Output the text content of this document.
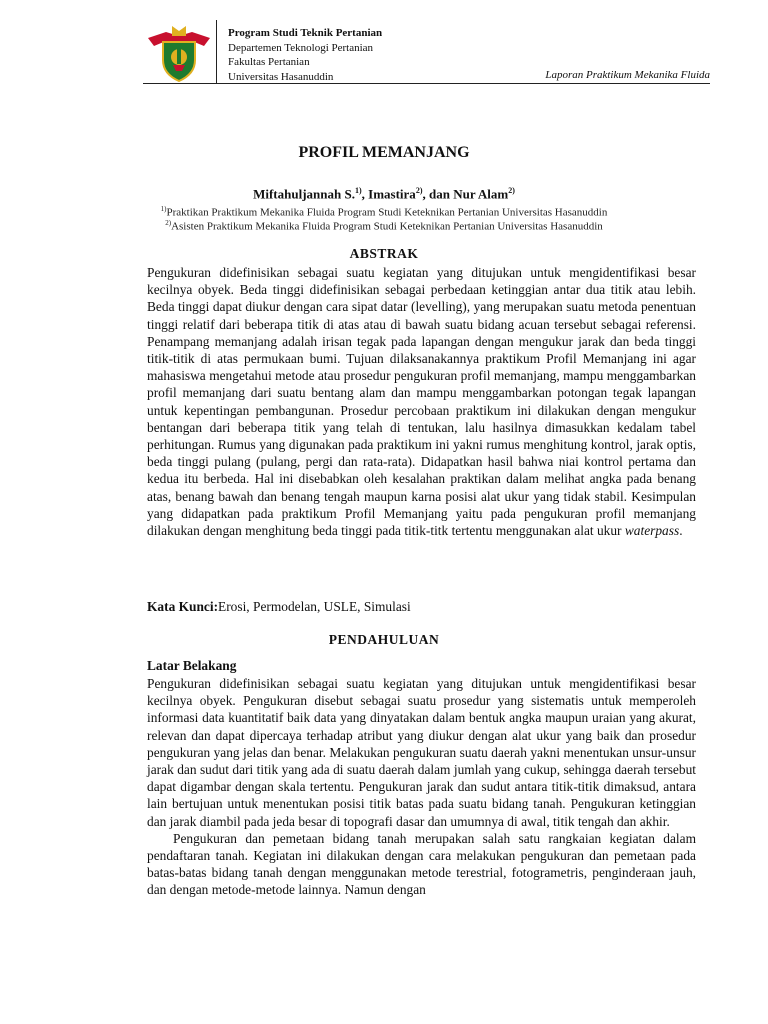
Program Studi Teknik Pertanian
Departemen Teknologi Pertanian
Fakultas Pertanian
Universitas Hasanuddin	Laporan Praktikum Mekanika Fluida
PROFIL MEMANJANG
Miftahuljannah S.$^{1)}$, Imastira$^{2)}$, dan Nur Alam$^{2)}$
$^{1)}$Praktikan Praktikum Mekanika Fluida Program Studi Keteknikan Pertanian Universitas Hasanuddin
$^{2)}$Asisten Praktikum Mekanika Fluida Program Studi Keteknikan Pertanian Universitas Hasanuddin
ABSTRAK

Pengukuran didefinisikan sebagai suatu kegiatan yang ditujukan untuk mengidentifikasi besar kecilnya obyek. Beda tinggi didefinisikan sebagai perbedaan ketinggian antar dua titik atau lebih. Beda tinggi dapat diukur dengan cara sipat datar (levelling), yang merupakan suatu metoda penentuan tinggi relatif dari beberapa titik di atas atau di bawah suatu bidang acuan tersebut sebagai referensi. Penampang memanjang adalah irisan tegak pada lapangan dengan mengukur jarak dan beda tinggi titik-titik di atas permukaan bumi. Tujuan dilaksanakannya praktikum Profil Memanjang ini agar mahasiswa mengetahui metode atau prosedur pengukuran profil memanjang, mampu menggambarkan profil memanjang dari suatu bentang alam dan mampu menggambarkan potongan tegak lapangan untuk kepentingan pembangunan. Prosedur percobaan praktikum ini dilakukan dengan mengukur bentangan dari beberapa titik yang telah di tentukan, lalu hasilnya dimasukkan kedalam tabel perhitungan. Rumus yang digunakan pada praktikum ini yakni rumus menghitung kontrol, jarak optis, beda tinggi pulang (pulang, pergi dan rata-rata). Didapatkan hasil bahwa niai kontrol pertama dan kedua itu berbeda. Hal ini disebabkan oleh kesalahan praktikan dalam melihat angka pada benang atas, benang bawah dan benang tengah maupun karna posisi alat ukur yang tidak stabil. Kesimpulan yang didapatkan pada praktikum Profil Memanjang yaitu pada pengukuran profil memanjang dilakukan dengan menghitung beda tinggi pada titik-titk tertentu menggunakan alat ukur waterpass.

Kata Kunci:Erosi, Permodelan, USLE, Simulasi
PENDAHULUAN
Latar Belakang

Pengukuran didefinisikan sebagai suatu kegiatan yang ditujukan untuk mengidentifikasi besar kecilnya obyek. Pengukuran disebut sebagai suatu prosedur yang sistematis untuk memperoleh informasi data kuantitatif baik data yang dinyatakan dalam bentuk angka maupun uraian yang akurat, relevan dan dapat dipercaya terhadap atribut yang diukur dengan alat ukur yang baik dan prosedur pengukuran yang jelas dan benar. Melakukan pengukuran suatu daerah yakni menentukan unsur-unsur jarak dan sudut dari titik yang ada di suatu daerah dalam jumlah yang cukup, sehingga daerah tersebut dapat digambar dengan skala tertentu. Pengukuran jarak dan sudut antara titik-titik dimaksud, antara lain bertujuan untuk menentukan posisi titik batas pada suatu bidang tanah. Pengukuran ketinggian dan jarak diambil pada jeda besar di topografi dasar dan umumnya di awal, titik tengah dan akhir.

Pengukuran dan pemetaan bidang tanah merupakan salah satu rangkaian kegiatan dalam pendaftaran tanah. Kegiatan ini dilakukan dengan cara melakukan pengukuran dan pemetaan pada batas-batas bidang tanah dengan menggunakan metode terestrial, fotogrametris, penginderaan jauh, dan dengan metode-metode lainnya. Namun dengan
